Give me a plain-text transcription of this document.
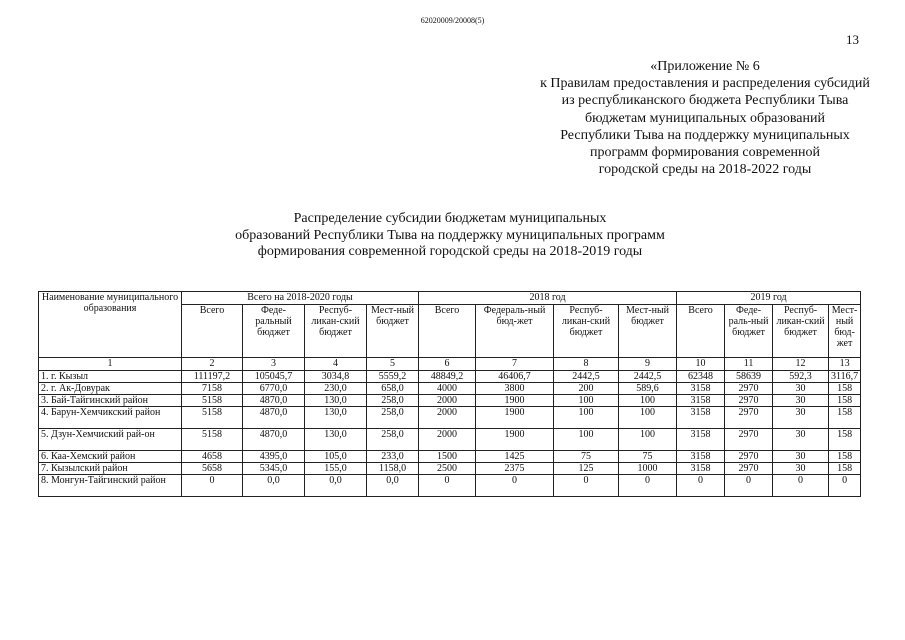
62020009/20008(5)
13
«Приложение № 6
к Правилам предоставления и распределения субсидий
из республиканского бюджета Республики Тыва
бюджетам муниципальных образований
Республики Тыва на поддержку муниципальных
программ формирования современной
городской среды на 2018-2022 годы
Распределение субсидии бюджетам муниципальных
образований Республики Тыва на поддержку муниципальных программ
формирования современной городской среды на 2018-2019 годы
Наименование муниципального образования	Всего на 2018-2020 годы				2018 год				2019 год			
	Всего	Феде-ральный бюджет	Респуб-ликан-ский бюджет	Мест-ный бюджет	Всего	Федераль-ный бюд-жет	Респуб-ликан-ский бюджет	Мест-ный бюджет	Всего	Феде-раль-ный бюджет	Респуб-ликан-ский бюджет	Мест-ный бюд-жет
1	2	3	4	5	6	7	8	9	10	11	12	13
1. г. Кызыл	111197,2	105045,7	3034,8	5559,2	48849,2	46406,7	2442,5	2442,5	62348	58639	592,3	3116,7
2. г. Ак-Довурак	7158	6770,0	230,0	658,0	4000	3800	200	589,6	3158	2970	30	158
3. Бай-Тайгинский район	5158	4870,0	130,0	258,0	2000	1900	100	100	3158	2970	30	158
4. Барун-Хемчикский район	5158	4870,0	130,0	258,0	2000	1900	100	100	3158	2970	30	158
5. Дзун-Хемчиский рай-он	5158	4870,0	130,0	258,0	2000	1900	100	100	3158	2970	30	158
6. Каа-Хемский район	4658	4395,0	105,0	233,0	1500	1425	75	75	3158	2970	30	158
7. Кызылский район	5658	5345,0	155,0	1158,0	2500	2375	125	1000	3158	2970	30	158
8. Монгун-Тайгинский район	0	0,0	0,0	0,0	0	0	0	0	0	0	0	0
